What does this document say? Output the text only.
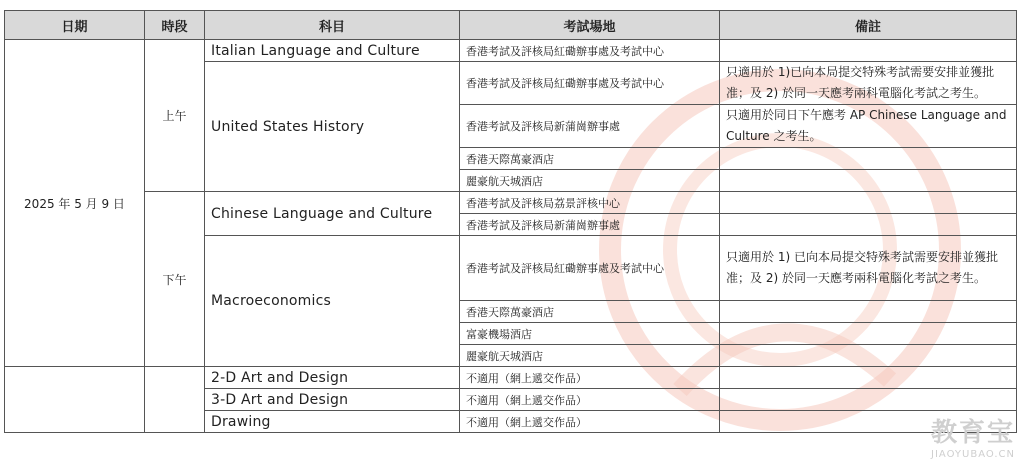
日期	時段	科目	考試場地	備註
2025 年 5 月 9 日	上午	Italian Language and Culture	香港考試及評核局紅磡辦事處及考試中心	
		United States History	香港考試及評核局紅磡辦事處及考試中心	只適用於 1)已向本局提交特殊考試需要安排並獲批准；及 2) 於同一天應考兩科電腦化考試之考生。

			香港考試及評核局新蒲崗辦事處	只適用於同日下午應考 AP Chinese Language and Culture 之考生。
			香港天際萬豪酒店	
			麗豪航天城酒店	
	下午	Chinese Language and Culture	香港考試及評核局荔景評核中心	
			香港考試及評核局新蒲崗辦事處	
		Macroeconomics	香港考試及評核局紅磡辦事處及考試中心	只適用於 1) 已向本局提交特殊考試需要安排並獲批准；及 2) 於同一天應考兩科電腦化考試之考生。
			香港天際萬豪酒店	
			富豪機場酒店	
			麗豪航天城酒店	
		2-D Art and Design	不適用（網上遞交作品）	
		3-D Art and Design	不適用（網上遞交作品）	
		Drawing	不適用（網上遞交作品）		教育宝
JIAOYUBAO.CN
